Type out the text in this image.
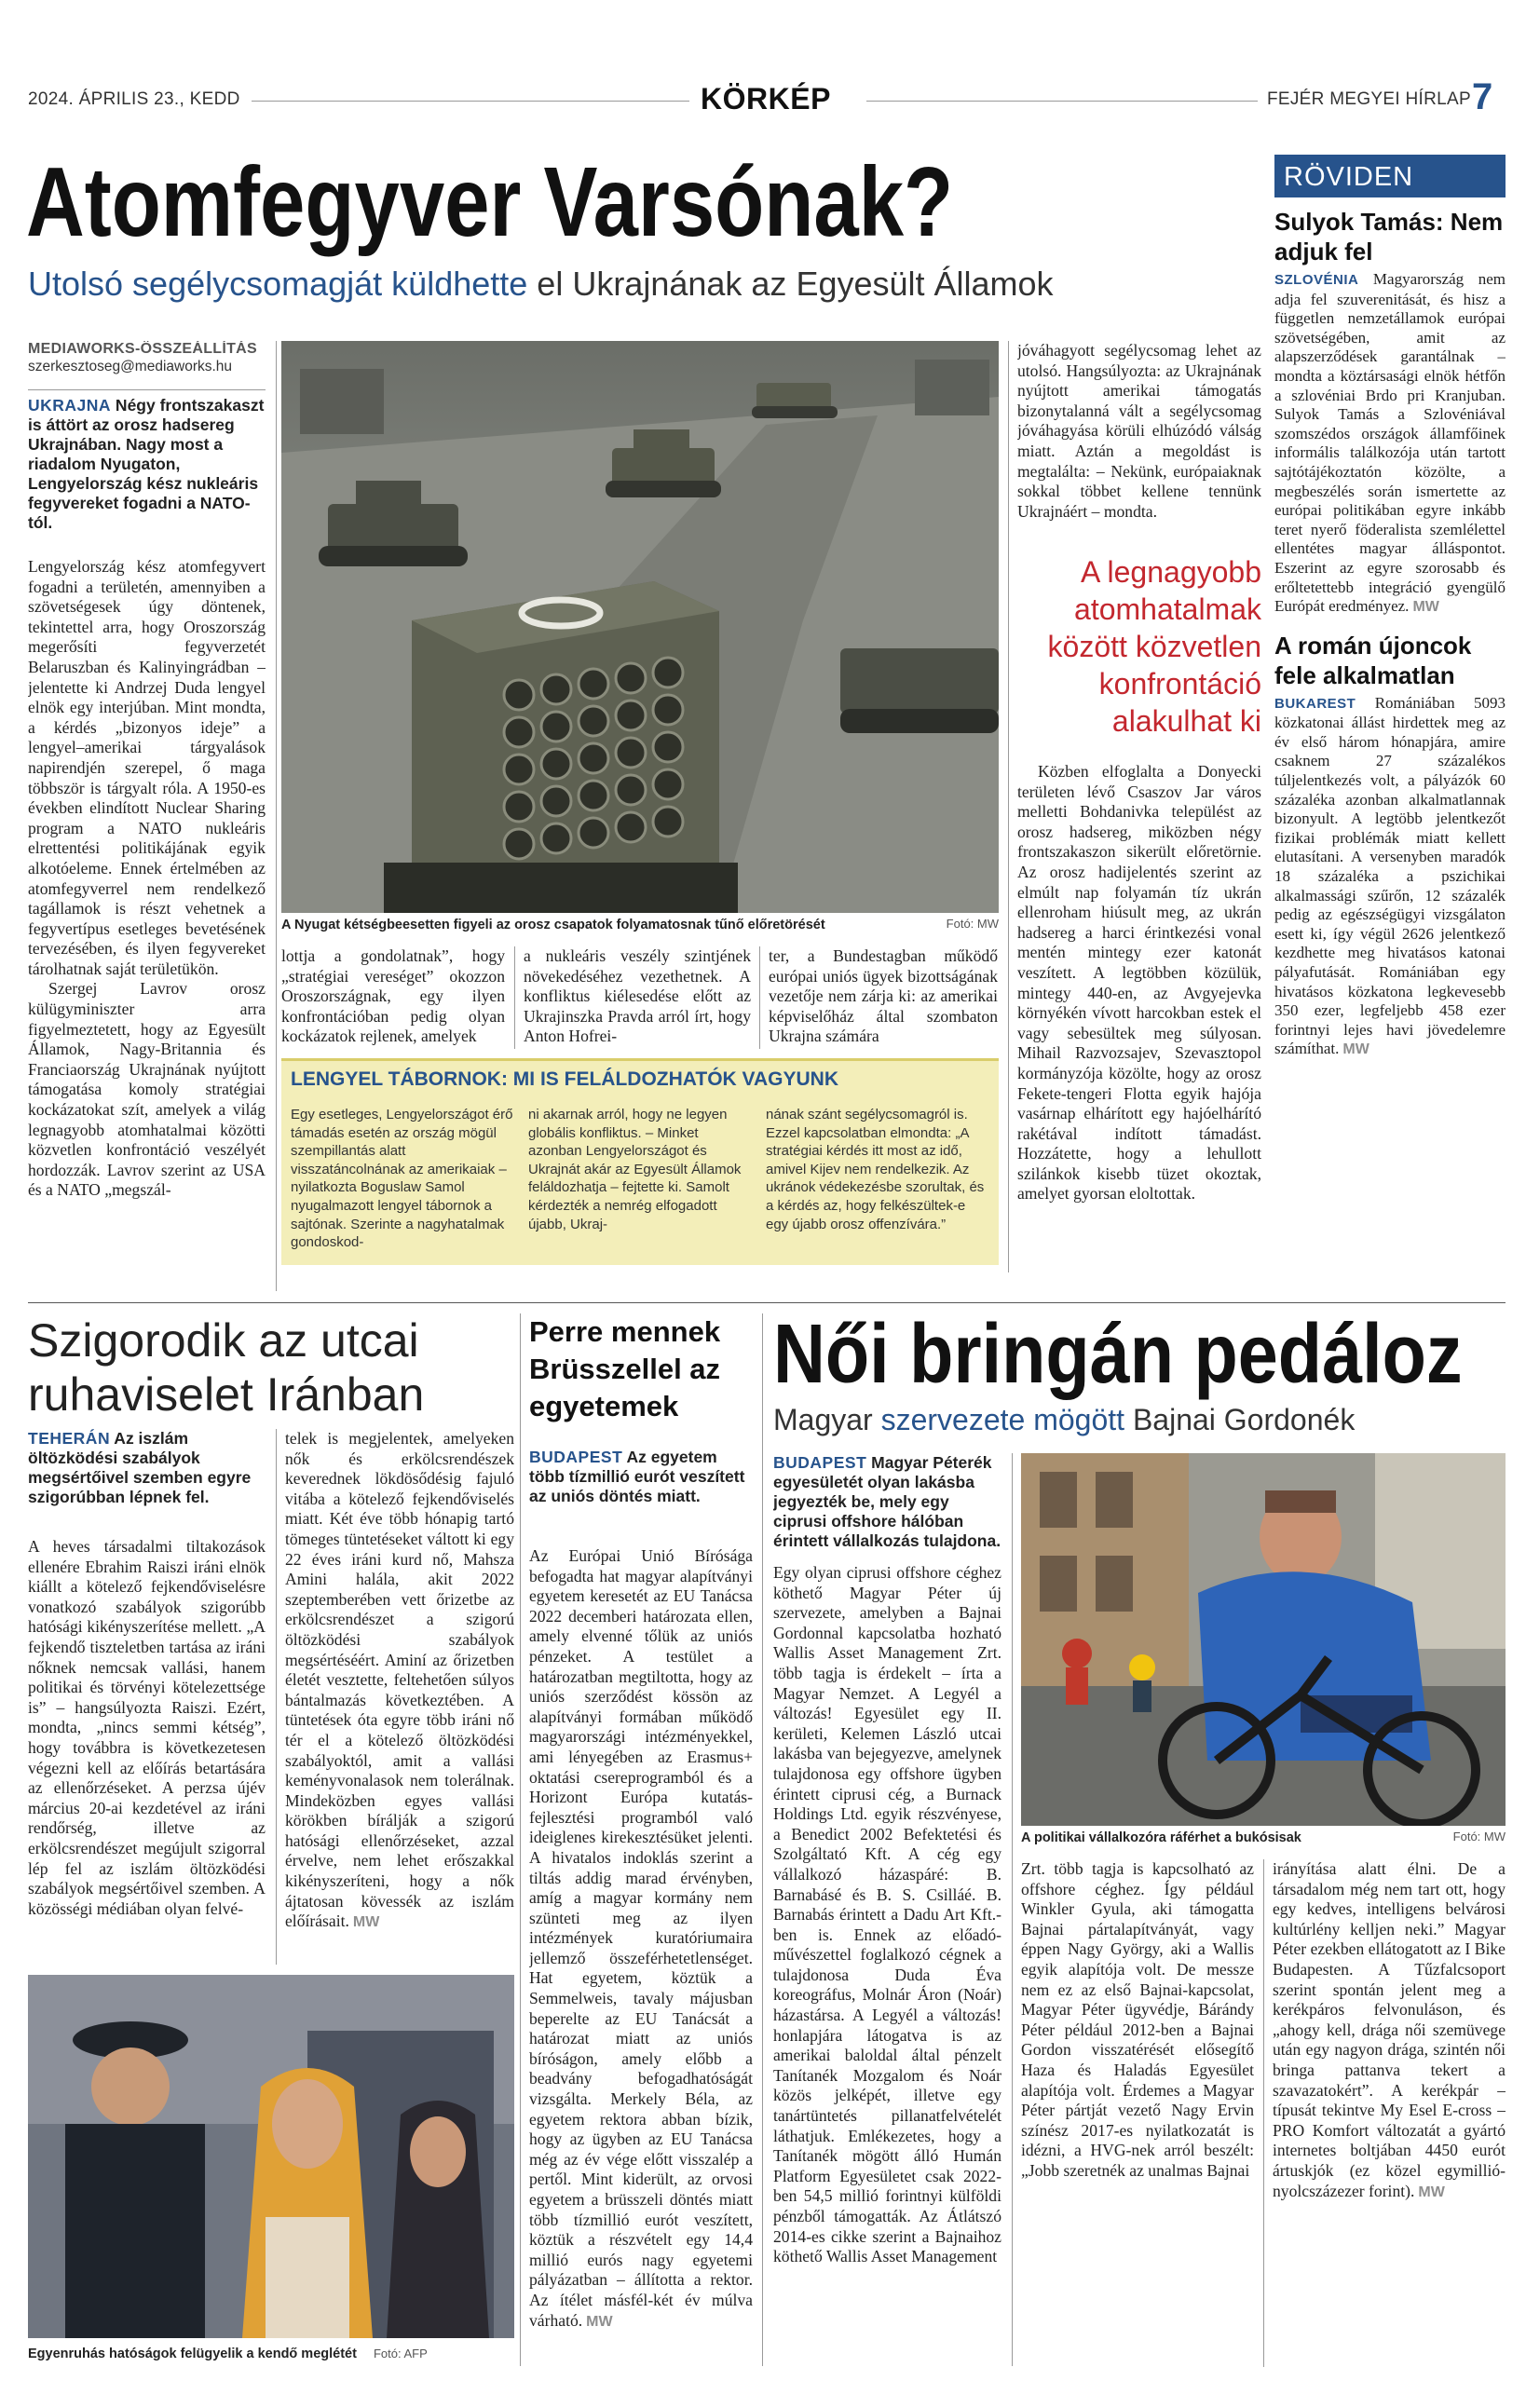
2024. ÁPRILIS 23., KEDD	KÖRKÉP	FEJÉR MEGYEI HÍRLAP 7
Atomfegyver Varsónak?
Utolsó segélycsomagját küldhette el Ukrajnának az Egyesült Államok
RÖVIDEN
Sulyok Tamás: Nem adjuk fel

SZLOVÉNIA Magyarország nem adja fel szuverenitását, és hisz a független nemzetállamok európai szövetségében, amit az alapszerződések garantálnak – mondta a köztársasági elnök hétfőn a szlovéniai Brdo pri Kranjuban. Sulyok Tamás a Szlovéniával szomszédos országok államfőinek informális találkozója után tartott sajtótájékoztatón közölte, a megbeszélés során ismertette az európai politikában egyre inkább teret nyerő föderalista szemlélettel ellentétes magyar álláspontot. Eszerint az egyre szorosabb és erőltetettebb integráció gyengülő Európát eredményez. MW

A román újoncok fele alkalmatlan

BUKAREST Romániában 5093 közkatonai állást hirdettek meg az év első három hónapjára, amire csaknem 27 százalékos túljelentkezés volt, a pályázók 60 százaléka azonban alkalmatlannak bizonyult. A legtöbb jelentkezőt fizikai problémák miatt kellett elutasítani. A versenyben maradók 18 százaléka a pszichikai alkalmassági szűrőn, 12 százalék pedig az egészségügyi vizsgálaton esett ki, így végül 2626 jelentkező kezdhette meg hivatásos katonai pályafutását. Romániában egy hivatásos közkatona legkevesebb 350 ezer, legfeljebb 458 ezer forintnyi lejes havi jövedelemre számíthat. MW

MEDIAWORKS-ÖSSZEÁLLÍTÁS
szerkesztoseg@mediaworks.hu

UKRAJNA Négy frontszakaszt is áttört az orosz hadsereg Ukrajnában. Nagy most a riadalom Nyugaton, Lengyelország kész nukleáris fegyvereket fogadni a NATO-tól.

Lengyelország kész atomfegyvert fogadni a területén, amennyiben a szövetségesek úgy döntenek, tekintettel arra, hogy Oroszország megerősíti fegyverzetét Belaruszban és Kalinyingrádban – jelentette ki Andrzej Duda lengyel elnök egy interjúban. Mint mondta, a kérdés „bizonyos ideje” a lengyel–amerikai tárgyalások napirendjén szerepel, ő maga többször is tárgyalt róla. A 1950-es években elindított Nuclear Sharing program a NATO nukleáris elrettentési politikájának egyik alkotóeleme. Ennek értelmében az atomfegyverrel nem rendelkező tagállamok is részt vehetnek a fegyvertípus esetleges bevetésének tervezésében, és ilyen fegyvereket tárolhatnak saját területükön.

Szergej Lavrov orosz külügyminiszter arra figyelmeztetett, hogy az Egyesült Államok, Nagy-Britannia és Franciaország Ukrajnának nyújtott támogatása komoly stratégiai kockázatokat szít, amelyek a világ legnagyobb atomhatalmai közötti közvetlen konfrontáció veszélyét hordozzák. Lavrov szerint az USA és a NATO „megszál-

A Nyugat kétségbeesetten figyeli az orosz csapatok folyamatosnak tűnő előretörését	Fotó: MW

lottja a gondolatnak”, hogy „stratégiai vereséget” okozzon Oroszországnak, egy ilyen konfrontációban pedig olyan kockázatok rejlenek, amelyek

a nukleáris veszély szintjének növekedéséhez vezethetnek. A konfliktus kiélesedése előtt az Ukrajinszka Pravda arról írt, hogy Anton Hofrei-

ter, a Bundestagban működő európai uniós ügyek bizottságának vezetője nem zárja ki: az amerikai képviselőház által szombaton Ukrajna számára

LENGYEL TÁBORNOK: MI IS FELÁLDOZHATÓK VAGYUNK
Egy esetleges, Lengyelországot érő támadás esetén az ország mögül szempillantás alatt visszatáncolnának az amerikaiak – nyilatkozta Boguslaw Samol nyugalmazott lengyel tábornok a sajtónak. Szerinte a nagyhatalmak gondoskod-
ni akarnak arról, hogy ne legyen globális konfliktus. – Minket azonban Lengyelországot és Ukrajnát akár az Egyesült Államok feláldozhatja – fejtette ki. Samolt kérdezték a nemrég elfogadott újabb, Ukraj-
nának szánt segélycsomagról is. Ezzel kapcsolatban elmondta: „A stratégiai kérdés itt most az idő, amivel Kijev nem rendelkezik. Az ukránok védekezésbe szorultak, és a kérdés az, hogy felkészültek-e egy újabb orosz offenzívára.”

jóváhagyott segélycsomag lehet az utolsó. Hangsúlyozta: az Ukrajnának nyújtott amerikai támogatás bizonytalanná vált a segélycsomag jóváhagyása körüli elhúzódó válság miatt. Aztán a megoldást is megtalálta: – Nekünk, európaiaknak sokkal többet kellene tennünk Ukrajnáért – mondta.

A legnagyobb atomhatalmak között közvetlen konfrontáció alakulhat ki

Közben elfoglalta a Donyecki területen lévő Csaszov Jar város melletti Bohdanivka települést az orosz hadsereg, miközben négy frontszakaszon sikerült előretörnie. Az orosz hadijelentés szerint az elmúlt nap folyamán tíz ukrán ellenroham hiúsult meg, az ukrán hadsereg a harci érintkezési vonal mentén mintegy ezer katonát veszített. A legtöbben közülük, mintegy 440-en, az Avgyejevka környékén vívott harcokban estek el vagy sebesültek meg súlyosan. Mihail Razvozsajev, Szevasztopol kormányzója közölte, hogy az orosz Fekete-tengeri Flotta egyik hajója vasárnap elhárított egy hajóelhárító rakétával indított támadást. Hozzátette, hogy a lehullott szilánkok kisebb tüzet okoztak, amelyet gyorsan eloltottak.

Szigorodik az utcai ruhaviselet Iránban

TEHERÁN Az iszlám öltözködési szabályok megsértőivel szemben egyre szigorúbban lépnek fel.

A heves társadalmi tiltakozások ellenére Ebrahim Raiszi iráni elnök kiállt a kötelező fejkendőviselésre vonatkozó szabályok szigorúbb hatósági kikényszerítése mellett. „A fejkendő tiszteletben tartása az iráni nőknek nemcsak vallási, hanem politikai és törvényi kötelezettsége is” – hangsúlyozta Raiszi. Ezért, mondta, „nincs semmi kétség”, hogy továbbra is következetesen végezni kell az előírás betartására az ellenőrzéseket. A perzsa újév március 20-ai kezdetével az iráni rendőrség, illetve az erkölcsrendészet megújult szigorral lép fel az iszlám öltözködési szabályok megsértőivel szemben. A közösségi médiában olyan felvé-

telek is megjelentek, amelyeken nők és erkölcsrendészek keverednek lökdösődésig fajuló vitába a kötelező fejkendőviselés miatt. Két éve több hónapig tartó tömeges tüntetéseket váltott ki egy 22 éves iráni kurd nő, Mahsza Amini halála, akit 2022 szeptemberében vett őrizetbe az erkölcsrendészet a szigorú öltözködési szabályok megsértéséért. Aminí az őrizetben életét vesztette, feltehetően súlyos bántalmazás következtében. A tüntetések óta egyre több iráni nő tér el a kötelező öltözködési szabályoktól, amit a vallási keményvonalasok nem tolerálnak. Mindeközben egyes vallási körökben bírálják a szigorú hatósági ellenőrzéseket, azzal érvelve, nem lehet erőszakkal kikényszeríteni, hogy a nők ájtatosan kövessék az iszlám előírásait. MW

Egyenruhás hatóságok felügyelik a kendő meglétét Fotó: AFP
Perre mennek Brüsszellel az egyetemek

BUDAPEST Az egyetem több tízmillió eurót veszített az uniós döntés miatt.

Az Európai Unió Bírósága befogadta hat magyar alapítványi egyetem keresetét az EU Tanácsa 2022 decemberi határozata ellen, amely elvenné tőlük az uniós pénzeket. A testület a határozatban megtiltotta, hogy az uniós szerződést kössön az alapítványi formában működő magyarországi intézményekkel, ami lényegében az Erasmus+ oktatási csereprogramból és a Horizont Európa kutatás-fejlesztési programból való ideiglenes kirekesztésüket jelenti. A hivatalos indoklás szerint a tiltás addig marad érvényben, amíg a magyar kormány nem szünteti meg az ilyen intézmények kuratóriumaira jellemző összeférhetetlenséget. Hat egyetem, köztük a Semmelweis, tavaly májusban beperelte az EU Tanácsát a határozat miatt az uniós bíróságon, amely előbb a beadvány befogadhatóságát vizsgálta. Merkely Béla, az egyetem rektora abban bízik, hogy az ügyben az EU Tanácsa még az év vége előtt visszalép a pertől. Mint kiderült, az orvosi egyetem a brüsszeli döntés miatt több tízmillió eurót veszített, köztük a részvételt egy 14,4 millió eurós nagy egyetemi pályázatban – állította a rektor. Az ítélet másfél-két év múlva várható. MW

Női bringán pedáloz
Magyar szervezete mögött Bajnai Gordonék

BUDAPEST Magyar Péterék egyesületét olyan lakásba jegyezték be, mely egy ciprusi offshore hálóban érintett vállalkozás tulajdona.

Egy olyan ciprusi offshore céghez köthető Magyar Péter új szervezete, amelyben a Bajnai Gordonnal kapcsolatba hozható Wallis Asset Management Zrt. több tagja is érdekelt – írta a Magyar Nemzet. A Legyél a változás! Egyesület egy II. kerületi, Kelemen László utcai lakásba van bejegyezve, amelynek tulajdonosa egy offshore ügyben érintett ciprusi cég, a Burnack Holdings Ltd. egyik részvényese, a Benedict 2002 Befektetési és Szolgáltató Kft. A cég egy vállalkozó házaspáré: B. Barnabásé és B. S. Csilláé. B. Barnabás érintett a Dadu Art Kft.-ben is. Ennek az előadó-művészettel foglalkozó cégnek a tulajdonosa Duda Éva koreográfus, Molnár Áron (Noár) házastársa. A Legyél a változás! honlapjára látogatva is az amerikai baloldal által pénzelt Tanítanék Mozgalom és Noár közös jelképét, illetve egy tanártüntetés pillanatfelvételét láthatjuk. Emlékezetes, hogy a Tanítanék mögött álló Humán Platform Egyesületet csak 2022-ben 54,5 millió forintnyi külföldi pénzből támogatták. Az Átlátszó 2014-es cikke szerint a Bajnaihoz köthető Wallis Asset Management

A politikai vállalkozóra ráférhet a bukósisak	Fotó: MW

Zrt. több tagja is kapcsolható az offshore céghez. Így például Winkler Gyula, aki támogatta Bajnai pártalapítványát, vagy éppen Nagy György, aki a Wallis egyik alapítója volt. De messze nem ez az első Bajnai-kapcsolat, Magyar Péter ügyvédje, Bárándy Péter például 2012-ben a Bajnai Gordon visszatérését elősegítő Haza és Haladás Egyesület alapítója volt. Érdemes a Magyar Péter pártját vezető Nagy Ervin színész 2017-es nyilatkozatát is idézni, a HVG-nek arról beszélt: „Jobb szeretnék az unalmas Bajnai

irányítása alatt élni. De a társadalom még nem tart ott, hogy egy kedves, intelligens belvárosi kultúrlény kelljen neki.” Magyar Péter ezekben ellátogatott az I Bike Budapesten. A Tűzfalcsoport szerint spontán jelent meg a kerékpáros felvonuláson, és „ahogy kell, drága női szemüvege után egy nagyon drága, szintén női bringa pattanva tekert a szavazatokért”. A kerékpár – típusát tekintve My Esel E-cross – PRO Komfort változatát a gyártó internetes boltjában 4450 eurót ártuskjók (ez közel egymillió-nyolcszázezer forint). MW
